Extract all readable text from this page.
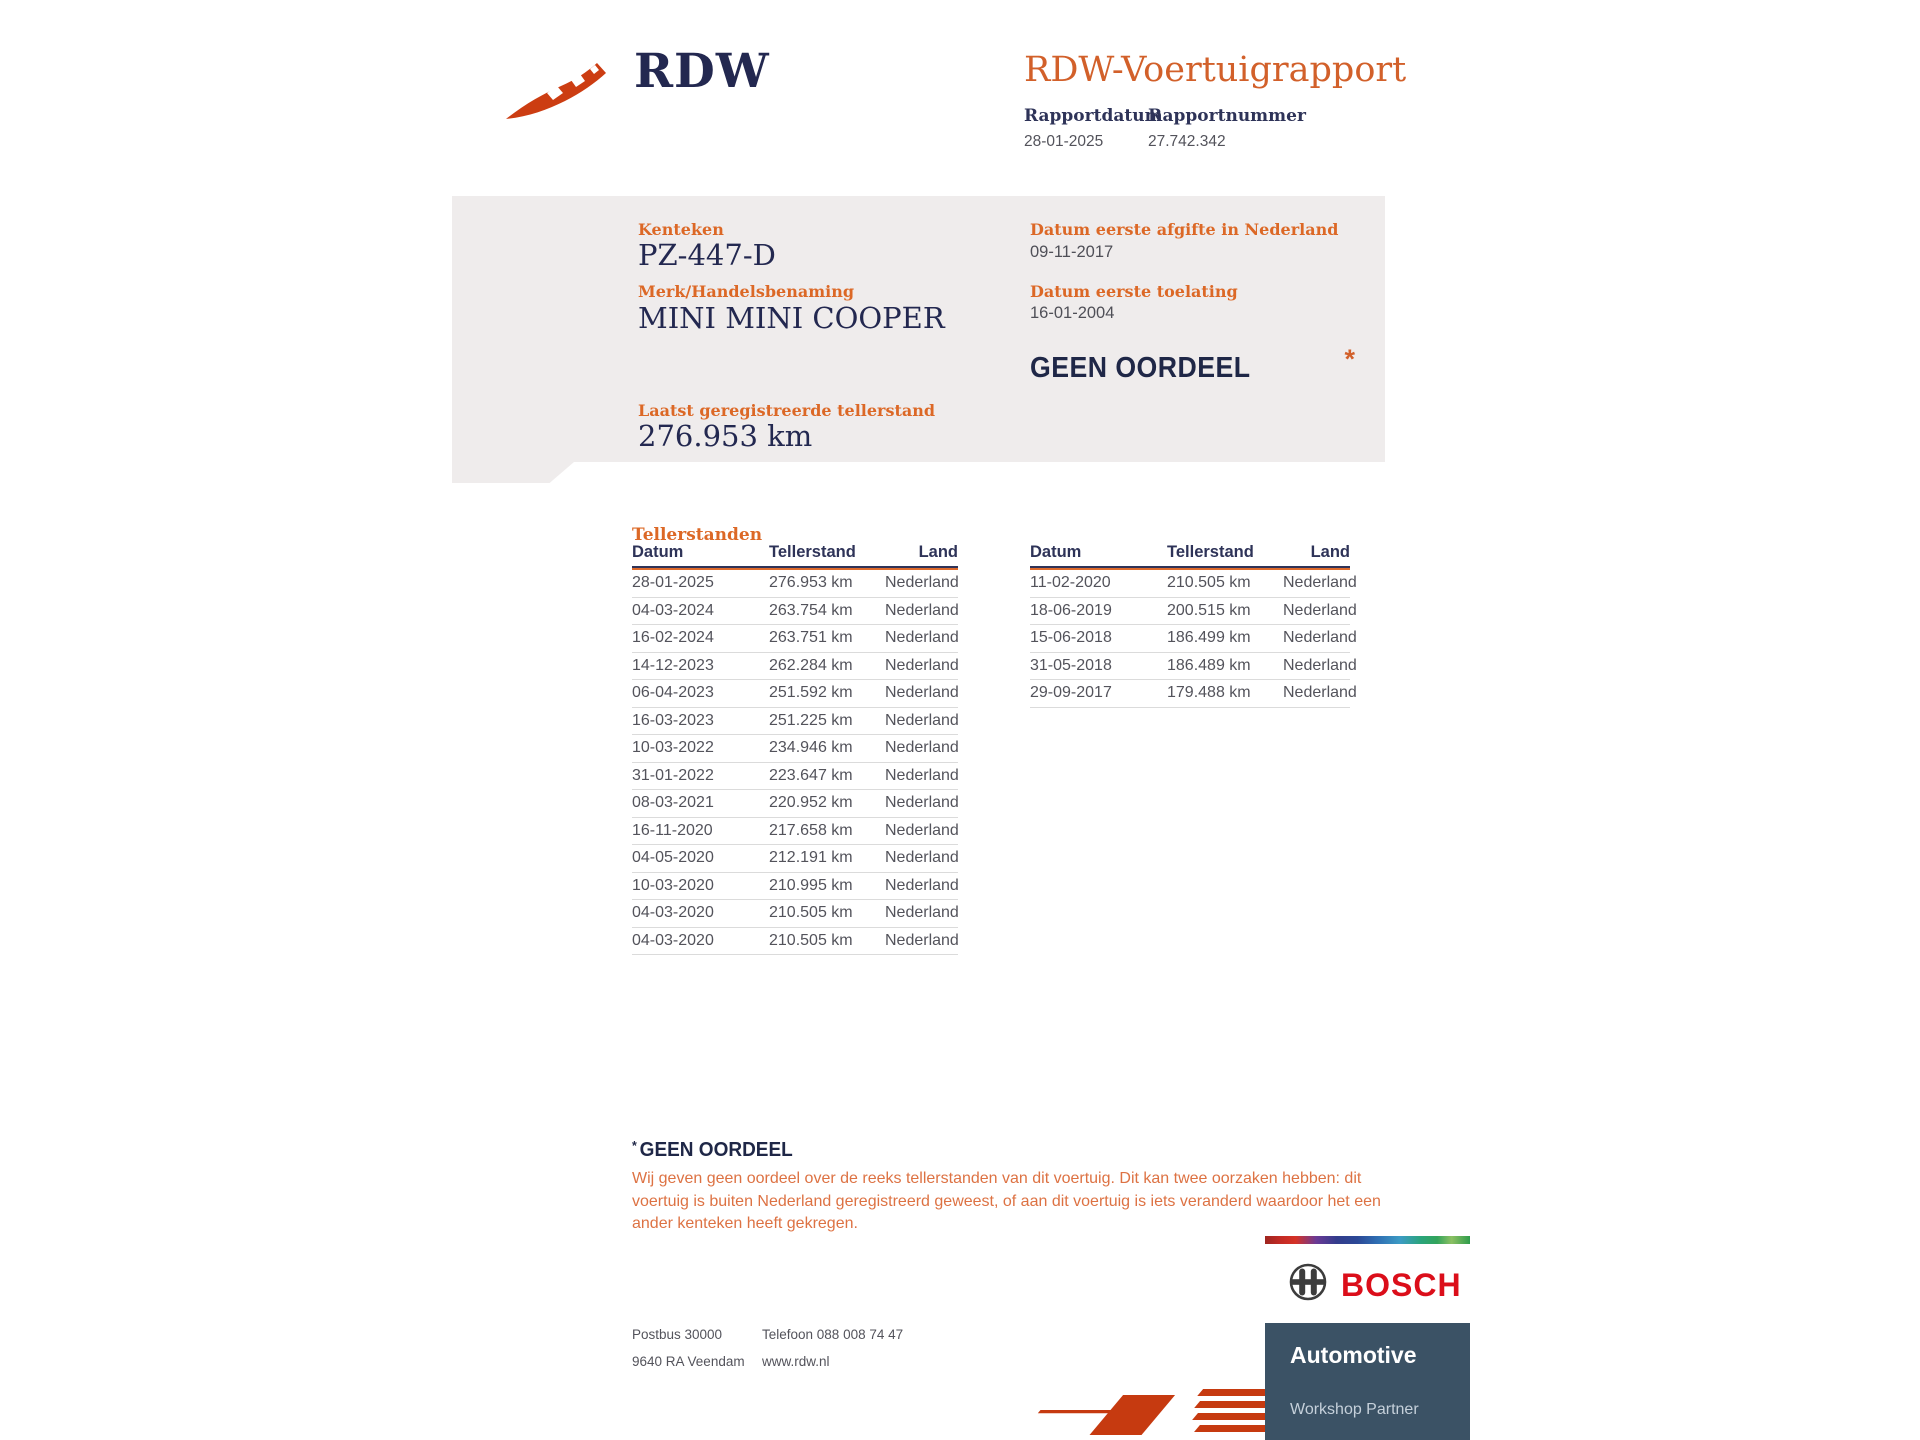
RDW	RDW-Voertuigrapport
Rapportdatum
28-01-2025
Rapportnummer
27.742.342
Kenteken
PZ-447-D
Merk/Handelsbenaming
MINI MINI COOPER
Laatst geregistreerde tellerstand
276.953 km
Datum eerste afgifte in Nederland
09-11-2017
Datum eerste toelating
16-01-2004
GEEN OORDEEL	*
Tellerstanden
Datum	Tellerstand	Land
28-01-2025	276.953 km	Nederland
04-03-2024	263.754 km	Nederland
16-02-2024	263.751 km	Nederland
14-12-2023	262.284 km	Nederland
06-04-2023	251.592 km	Nederland
16-03-2023	251.225 km	Nederland
10-03-2022	234.946 km	Nederland
31-01-2022	223.647 km	Nederland
08-03-2021	220.952 km	Nederland
16-11-2020	217.658 km	Nederland
04-05-2020	212.191 km	Nederland
10-03-2020	210.995 km	Nederland
04-03-2020	210.505 km	Nederland
04-03-2020	210.505 km	Nederland
Datum	Tellerstand	Land
11-02-2020	210.505 km	Nederland
18-06-2019	200.515 km	Nederland
15-06-2018	186.499 km	Nederland
31-05-2018	186.489 km	Nederland
29-09-2017	179.488 km	Nederland
* GEEN OORDEEL
Wij geven geen oordeel over de reeks tellerstanden van dit voertuig. Dit kan twee oorzaken hebben: dit
voertuig is buiten Nederland geregistreerd geweest, of aan dit voertuig is iets veranderd waardoor het een
ander kenteken heeft gekregen.
Postbus 30000	Telefoon 088 008 74 47
9640 RA Veendam www.rdw.nl
BOSCH
Automotive
Workshop Partner
